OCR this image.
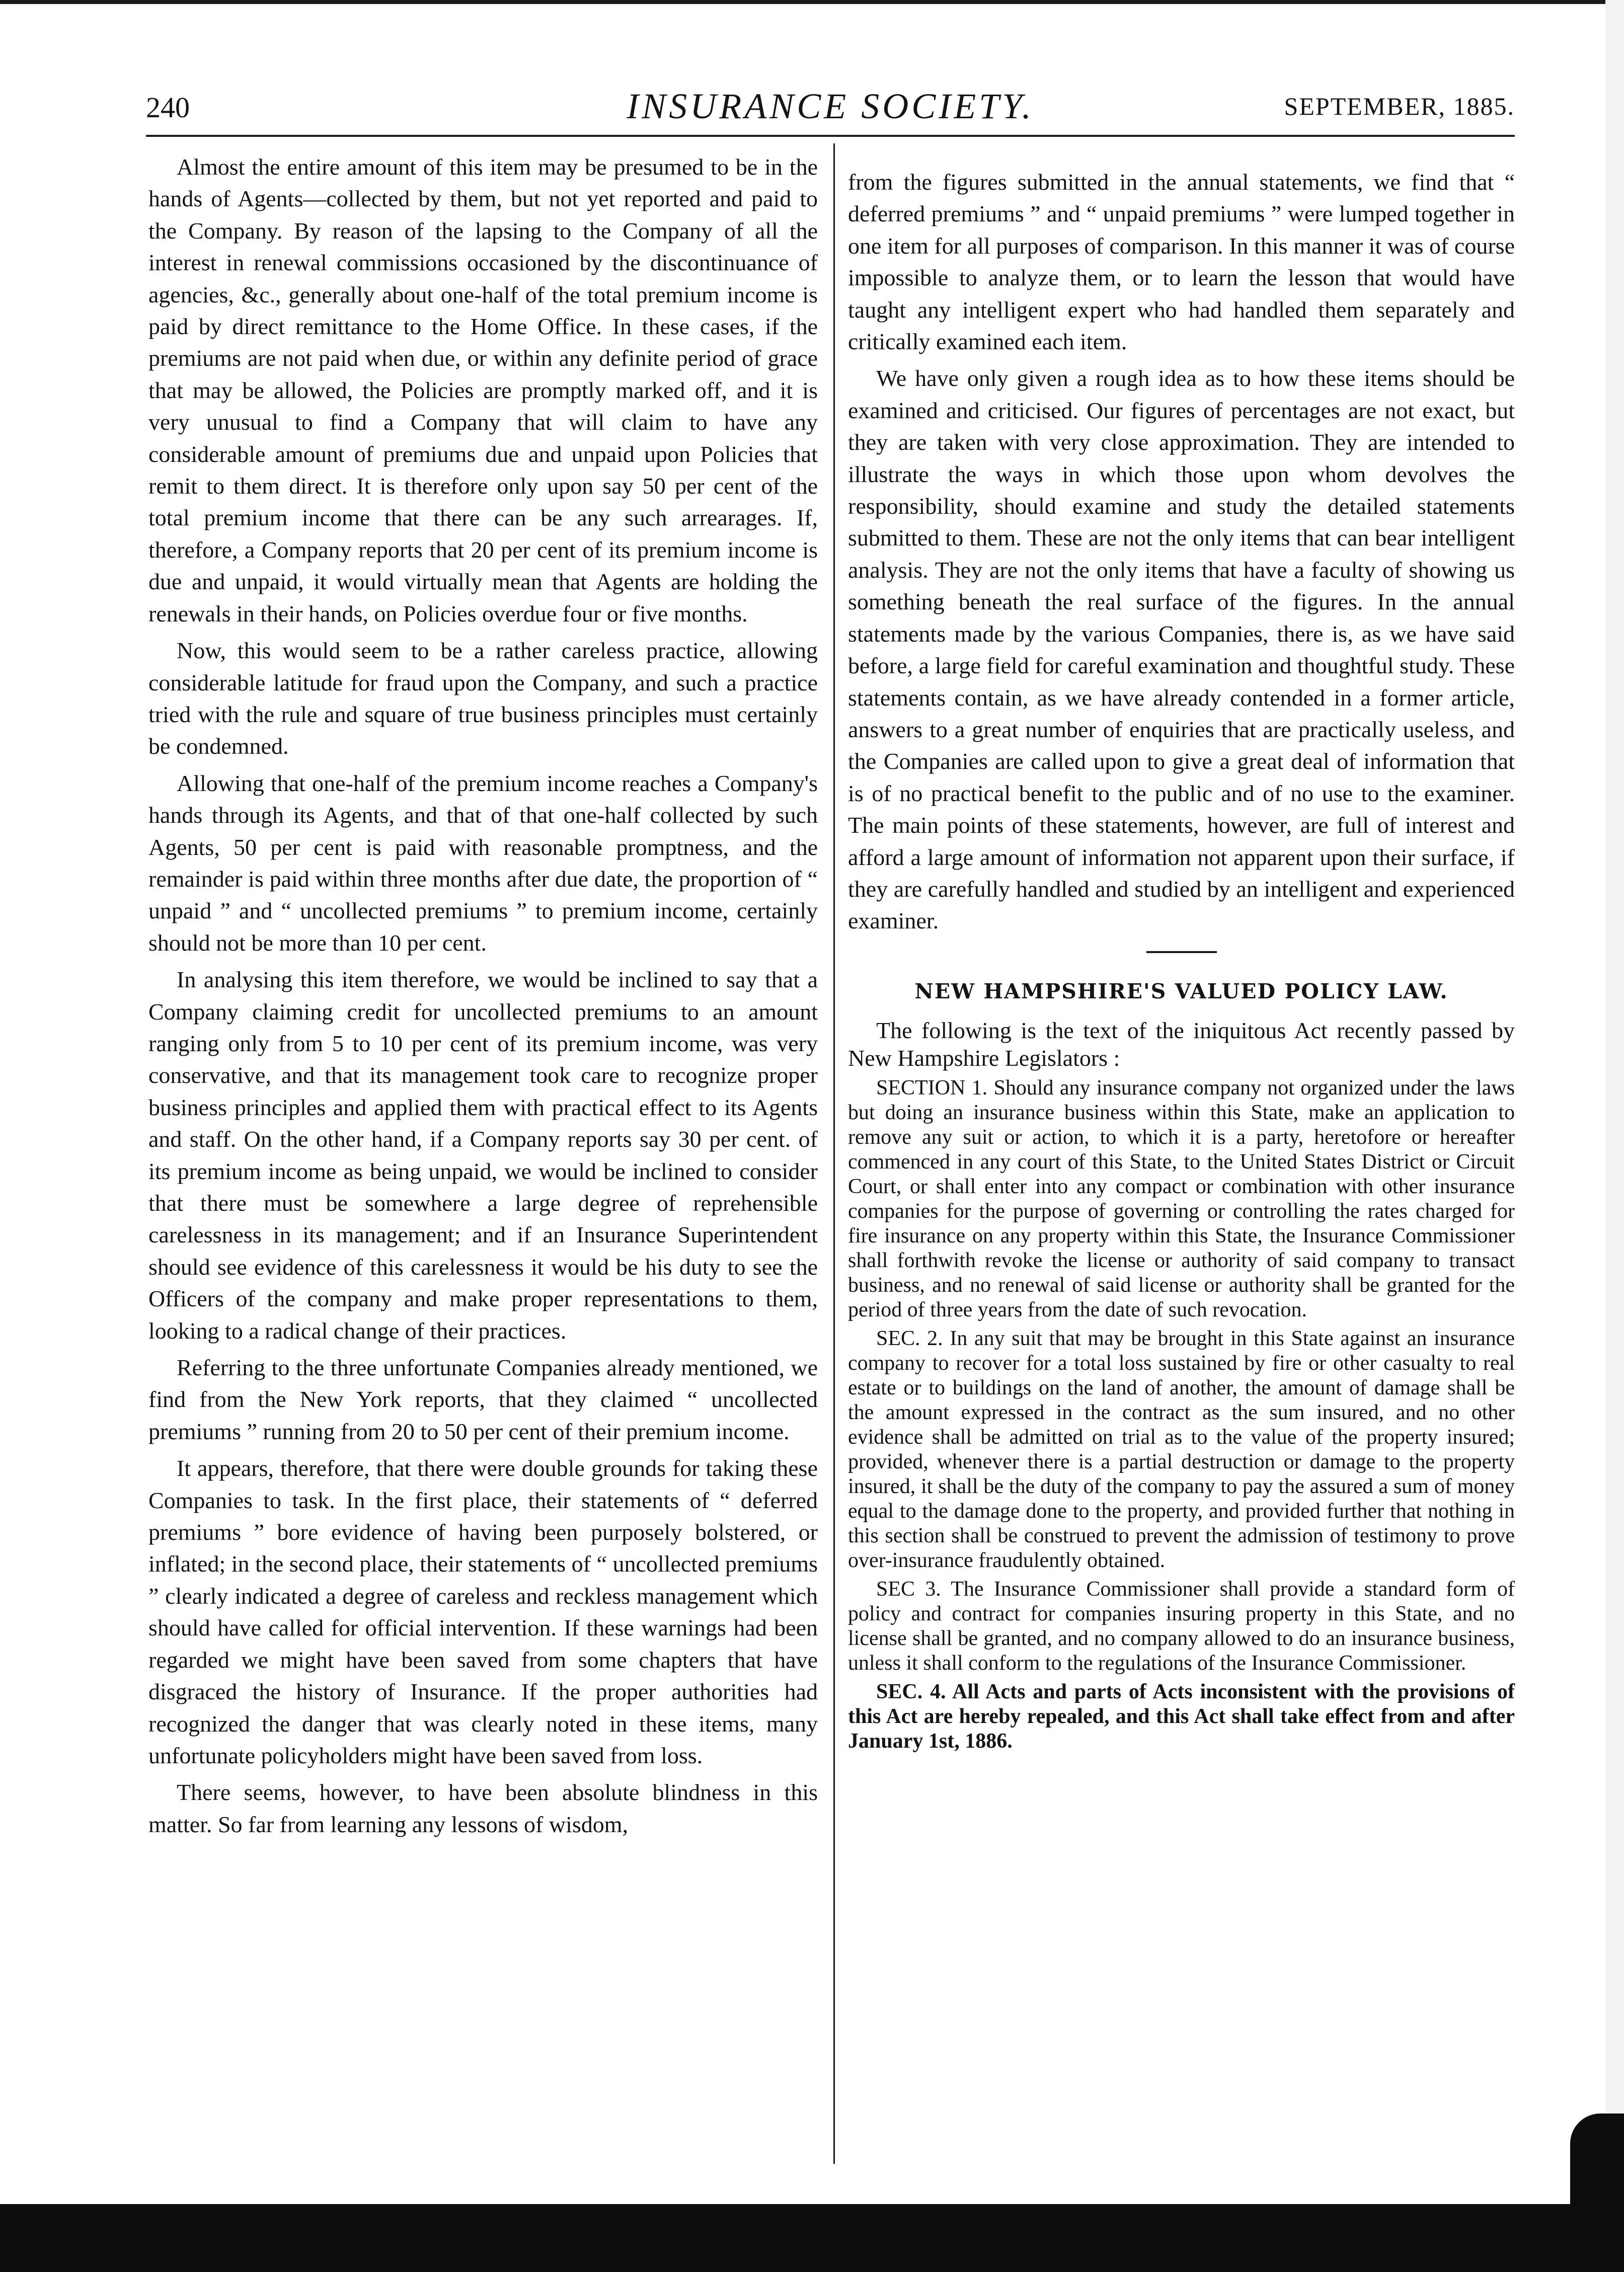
240	INSURANCE SOCIETY.	SEPTEMBER, 1885.

Almost the entire amount of this item may be presumed to be in the hands of Agents—collected by them, but not yet reported and paid to the Company. By reason of the lapsing to the Company of all the interest in renewal commissions occasioned by the discontinuance of agencies, &c., generally about one-half of the total premium income is paid by direct remittance to the Home Office. In these cases, if the premiums are not paid when due, or within any definite period of grace that may be allowed, the Policies are promptly marked off, and it is very unusual to find a Company that will claim to have any considerable amount of premiums due and unpaid upon Policies that remit to them direct. It is therefore only upon say 50 per cent of the total premium income that there can be any such arrearages. If, therefore, a Company reports that 20 per cent of its premium income is due and unpaid, it would virtually mean that Agents are holding the renewals in their hands, on Policies overdue four or five months.

Now, this would seem to be a rather careless practice, allowing considerable latitude for fraud upon the Company, and such a practice tried with the rule and square of true business principles must certainly be condemned.

Allowing that one-half of the premium income reaches a Company's hands through its Agents, and that of that one-half collected by such Agents, 50 per cent is paid with reasonable promptness, and the remainder is paid within three months after due date, the proportion of “ unpaid ” and “ uncollected premiums ” to premium income, certainly should not be more than 10 per cent.

In analysing this item therefore, we would be inclined to say that a Company claiming credit for uncollected premiums to an amount ranging only from 5 to 10 per cent of its premium income, was very conservative, and that its management took care to recognize proper business principles and applied them with practical effect to its Agents and staff. On the other hand, if a Company reports say 30 per cent. of its premium income as being unpaid, we would be inclined to consider that there must be somewhere a large degree of reprehensible carelessness in its management; and if an Insurance Superintendent should see evidence of this carelessness it would be his duty to see the Officers of the company and make proper representations to them, looking to a radical change of their practices.

Referring to the three unfortunate Companies already mentioned, we find from the New York reports, that they claimed “ uncollected premiums ” running from 20 to 50 per cent of their premium income.

It appears, therefore, that there were double grounds for taking these Companies to task. In the first place, their statements of “ deferred premiums ” bore evidence of having been purposely bolstered, or inflated; in the second place, their statements of “ uncollected premiums ” clearly indicated a degree of careless and reckless management which should have called for official intervention. If these warnings had been regarded we might have been saved from some chapters that have disgraced the history of Insurance. If the proper authorities had recognized the danger that was clearly noted in these items, many unfortunate policyholders might have been saved from loss.

There seems, however, to have been absolute blindness in this matter. So far from learning any lessons of wisdom,

from the figures submitted in the annual statements, we find that “ deferred premiums ” and “ unpaid premiums ” were lumped together in one item for all purposes of comparison. In this manner it was of course impossible to analyze them, or to learn the lesson that would have taught any intelligent expert who had handled them separately and critically examined each item.

We have only given a rough idea as to how these items should be examined and criticised. Our figures of percentages are not exact, but they are taken with very close approximation. They are intended to illustrate the ways in which those upon whom devolves the responsibility, should examine and study the detailed statements submitted to them. These are not the only items that can bear intelligent analysis. They are not the only items that have a faculty of showing us something beneath the real surface of the figures. In the annual statements made by the various Companies, there is, as we have said before, a large field for careful examination and thoughtful study. These statements contain, as we have already contended in a former article, answers to a great number of enquiries that are practically useless, and the Companies are called upon to give a great deal of information that is of no practical benefit to the public and of no use to the examiner. The main points of these statements, however, are full of interest and afford a large amount of information not apparent upon their surface, if they are carefully handled and studied by an intelligent and experienced examiner.

NEW HAMPSHIRE'S VALUED POLICY LAW.

The following is the text of the iniquitous Act recently passed by New Hampshire Legislators :

SECTION 1. Should any insurance company not organized under the laws but doing an insurance business within this State, make an application to remove any suit or action, to which it is a party, heretofore or hereafter commenced in any court of this State, to the United States District or Circuit Court, or shall enter into any compact or combination with other insurance companies for the purpose of governing or controlling the rates charged for fire insurance on any property within this State, the Insurance Commissioner shall forthwith revoke the license or authority of said company to transact business, and no renewal of said license or authority shall be granted for the period of three years from the date of such revocation.

SEC. 2. In any suit that may be brought in this State against an insurance company to recover for a total loss sustained by fire or other casualty to real estate or to buildings on the land of another, the amount of damage shall be the amount expressed in the contract as the sum insured, and no other evidence shall be admitted on trial as to the value of the property insured; provided, whenever there is a partial destruction or damage to the property insured, it shall be the duty of the company to pay the assured a sum of money equal to the damage done to the property, and provided further that nothing in this section shall be construed to prevent the admission of testimony to prove over-insurance fraudulently obtained.

SEC 3. The Insurance Commissioner shall provide a standard form of policy and contract for companies insuring property in this State, and no license shall be granted, and no company allowed to do an insurance business, unless it shall conform to the regulations of the Insurance Commissioner.

SEC. 4. All Acts and parts of Acts inconsistent with the provisions of this Act are hereby repealed, and this Act shall take effect from and after January 1st, 1886.
